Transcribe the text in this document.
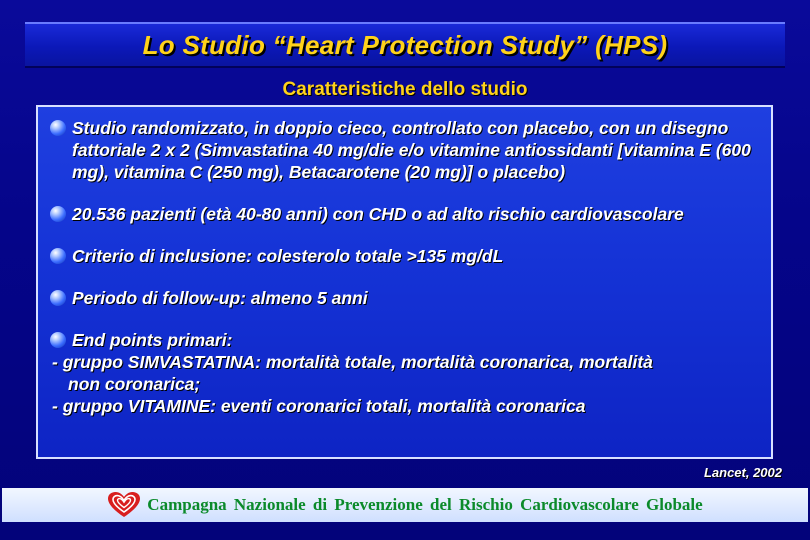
Lo Studio “Heart Protection Study” (HPS)
Caratteristiche dello studio
Studio randomizzato, in doppio cieco, controllato con placebo, con un disegno fattoriale 2 x 2 (Simvastatina 40 mg/die e/o vitamine antiossidanti [vitamina E (600 mg), vitamina C (250 mg), Betacarotene (20 mg)] o placebo)
20.536 pazienti (età 40-80 anni) con CHD o ad alto rischio cardiovascolare
Criterio di inclusione: colesterolo totale >135 mg/dL
Periodo di follow-up: almeno 5 anni
End points primari:
- gruppo SIMVASTATINA: mortalità totale, mortalità coronarica, mortalità
non coronarica;
- gruppo VITAMINE: eventi coronarici totali, mortalità coronarica
Lancet, 2002
Campagna Nazionale di Prevenzione del Rischio Cardiovascolare Globale
